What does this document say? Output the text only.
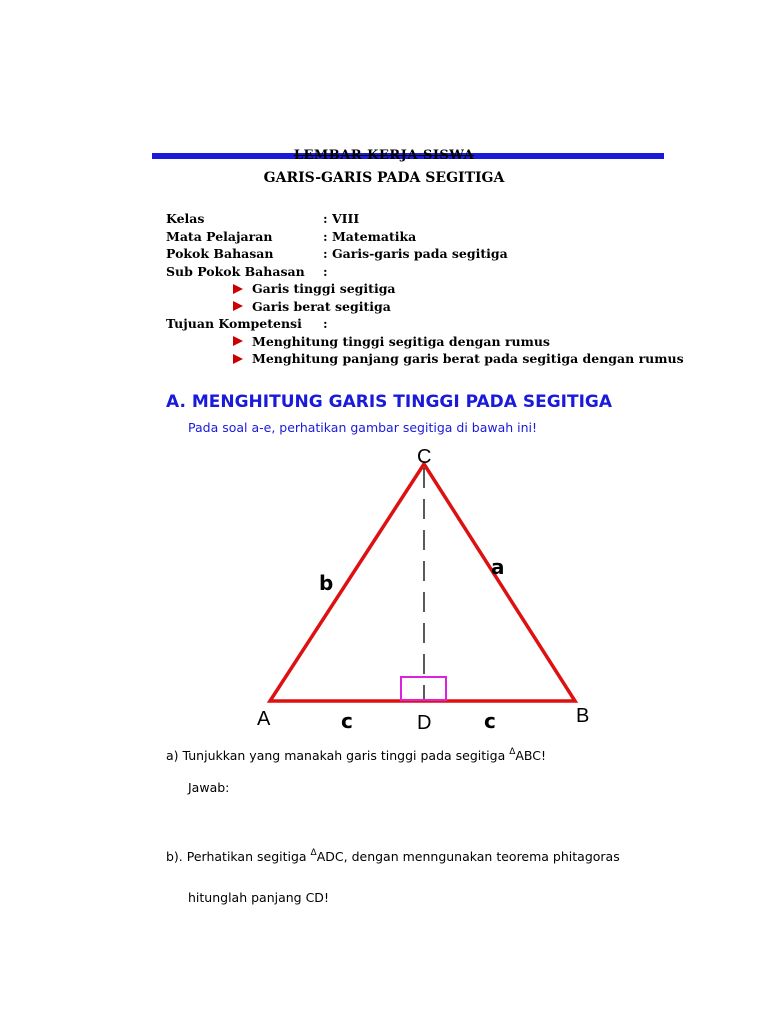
LEMBAR KERJA SISWA
GARIS-GARIS PADA SEGITIGA
Kelas	: VIII
Mata Pelajaran	: Matematika
Pokok Bahasan	: Garis-garis pada segitiga
Sub Pokok Bahasan :
Garis tinggi segitiga
Garis berat segitiga
Tujuan Kompetensi :
Menghitung tinggi segitiga dengan rumus
Menghitung panjang garis berat pada segitiga dengan rumus
A. MENGHITUNG GARIS TINGGI PADA SEGITIGA
Pada soal a-e, perhatikan gambar segitiga di bawah ini!
C
A	B
D
a
b
c	c
a) Tunjukkan yang manakah garis tinggi pada segitiga $^\Delta$ABC!
Jawab:
b). Perhatikan segitiga $^\Delta$ADC, dengan menngunakan teorema phitagoras
hitunglah panjang CD!
